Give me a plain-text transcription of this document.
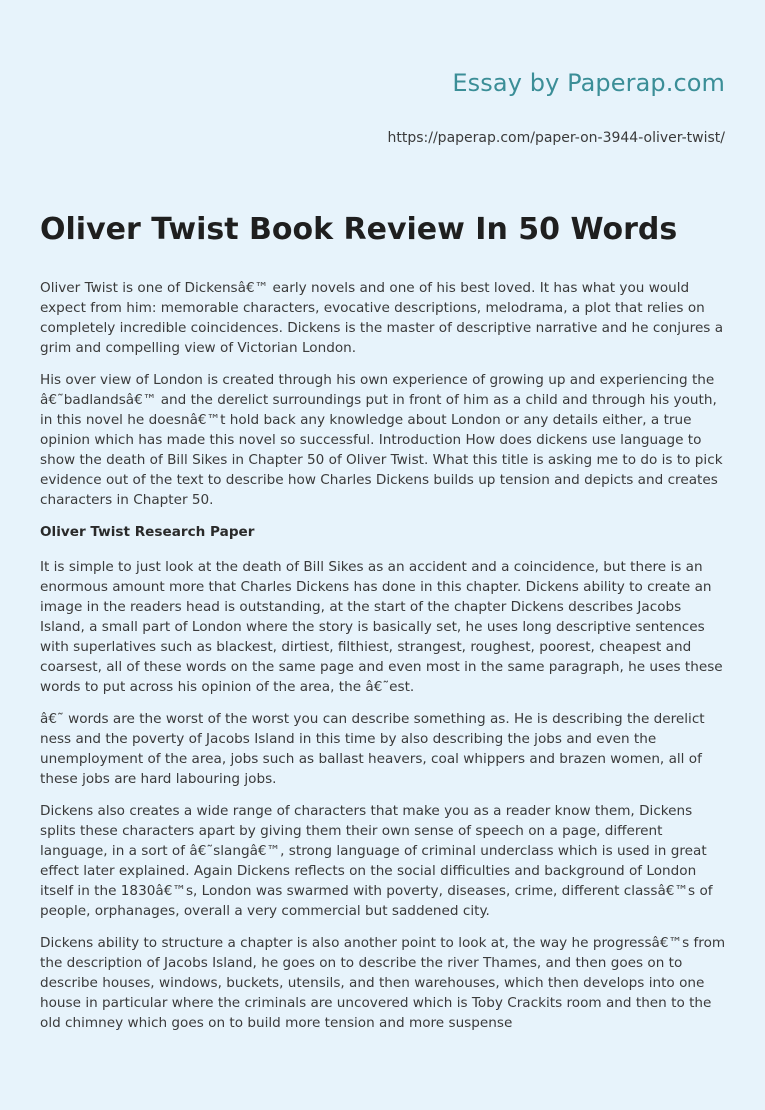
Essay by Paperap.com
https://paperap.com/paper-on-3944-oliver-twist/
Oliver Twist Book Review In 50 Words

Oliver Twist is one of Dickensâ€™ early novels and one of his best loved. It has what you would expect from him: memorable characters, evocative descriptions, melodrama, a plot that relies on completely incredible coincidences. Dickens is the master of descriptive narrative and he conjures a grim and compelling view of Victorian London.

His over view of London is created through his own experience of growing up and experiencing the â€˜badlandsâ€™ and the derelict surroundings put in front of him as a child and through his youth, in this novel he doesnâ€™t hold back any knowledge about London or any details either, a true opinion which has made this novel so successful. Introduction How does dickens use language to show the death of Bill Sikes in Chapter 50 of Oliver Twist. What this title is asking me to do is to pick evidence out of the text to describe how Charles Dickens builds up tension and depicts and creates characters in Chapter 50.

Oliver Twist Research Paper

It is simple to just look at the death of Bill Sikes as an accident and a coincidence, but there is an enormous amount more that Charles Dickens has done in this chapter. Dickens ability to create an image in the readers head is outstanding, at the start of the chapter Dickens describes Jacobs Island, a small part of London where the story is basically set, he uses long descriptive sentences with superlatives such as blackest, dirtiest, filthiest, strangest, roughest, poorest, cheapest and coarsest, all of these words on the same page and even most in the same paragraph, he uses these words to put across his opinion of the area, the â€˜est.

â€˜ words are the worst of the worst you can describe something as. He is describing the derelict ness and the poverty of Jacobs Island in this time by also describing the jobs and even the unemployment of the area, jobs such as ballast heavers, coal whippers and brazen women, all of these jobs are hard labouring jobs.

Dickens also creates a wide range of characters that make you as a reader know them, Dickens splits these characters apart by giving them their own sense of speech on a page, different language, in a sort of â€˜slangâ€™, strong language of criminal underclass which is used in great effect later explained. Again Dickens reflects on the social difficulties and background of London itself in the 1830â€™s, London was swarmed with poverty, diseases, crime, different classâ€™s of people, orphanages, overall a very commercial but saddened city.

Dickens ability to structure a chapter is also another point to look at, the way he progressâ€™s from the description of Jacobs Island, he goes on to describe the river Thames, and then goes on to describe houses, windows, buckets, utensils, and then warehouses, which then develops into one house in particular where the criminals are uncovered which is Toby Crackits room and then to the old chimney which goes on to build more tension and more suspense
